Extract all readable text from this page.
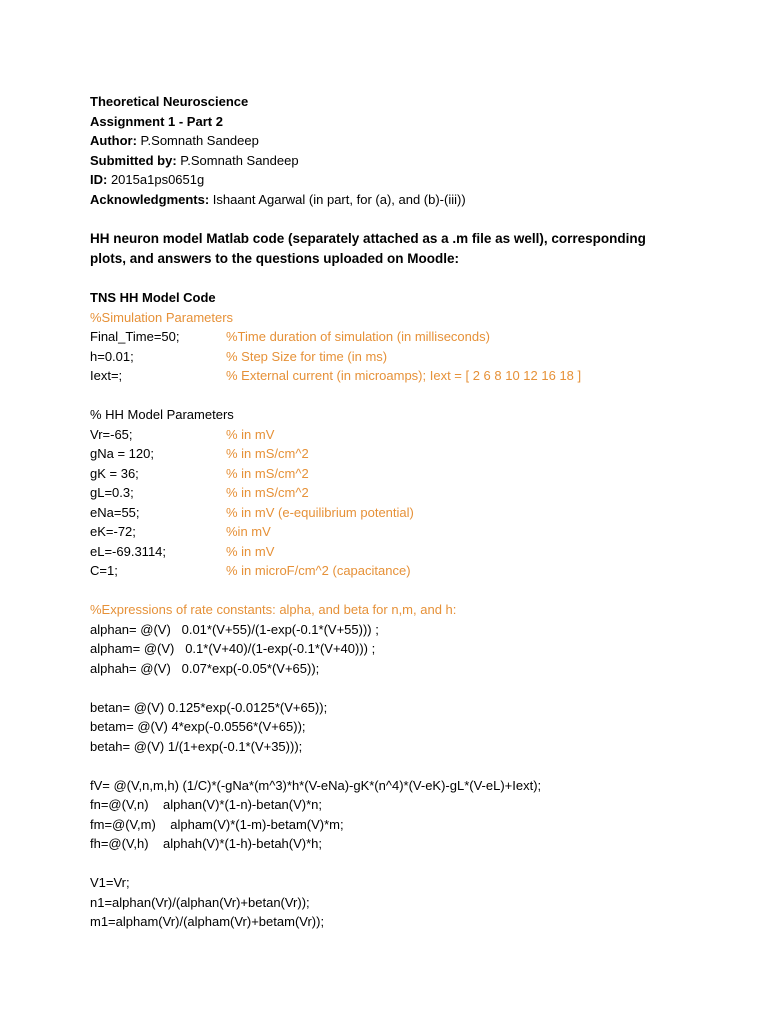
Theoretical Neuroscience
Assignment 1 - Part 2
Author: P.Somnath Sandeep
Submitted by: P.Somnath Sandeep
ID: 2015a1ps0651g
Acknowledgments: Ishaant Agarwal (in part, for (a), and (b)-(iii))
HH neuron model Matlab code (separately attached as a .m file as well), corresponding plots, and answers to the questions uploaded on Moodle:
TNS HH Model Code
%Simulation Parameters
Final_Time=50;	%Time duration of simulation (in milliseconds)
h=0.01;	% Step Size for time (in ms)
Iext=;	% External current (in microamps); Iext = [ 2 6 8 10 12 16 18 ]
% HH Model Parameters
Vr=-65;	% in mV
gNa = 120;	% in mS/cm^2
gK = 36;	% in mS/cm^2
gL=0.3;	% in mS/cm^2
eNa=55;	% in mV (e-equilibrium potential)
eK=-72;	%in mV
eL=-69.3114;	% in mV
C=1;	% in microF/cm^2 (capacitance)
%Expressions of rate constants: alpha, and beta for n,m, and h:
alphan= @(V)   0.01*(V+55)/(1-exp(-0.1*(V+55))) ;
alpham= @(V)   0.1*(V+40)/(1-exp(-0.1*(V+40))) ;
alphah= @(V)   0.07*exp(-0.05*(V+65));
betan= @(V) 0.125*exp(-0.0125*(V+65));
betam= @(V) 4*exp(-0.0556*(V+65));
betah= @(V) 1/(1+exp(-0.1*(V+35)));
fV= @(V,n,m,h) (1/C)*(-gNa*(m^3)*h*(V-eNa)-gK*(n^4)*(V-eK)-gL*(V-eL)+Iext);
fn=@(V,n)    alphan(V)*(1-n)-betan(V)*n;
fm=@(V,m)    alpham(V)*(1-m)-betam(V)*m;
fh=@(V,h)    alphah(V)*(1-h)-betah(V)*h;
V1=Vr;
n1=alphan(Vr)/(alphan(Vr)+betan(Vr));
m1=alpham(Vr)/(alpham(Vr)+betam(Vr));
